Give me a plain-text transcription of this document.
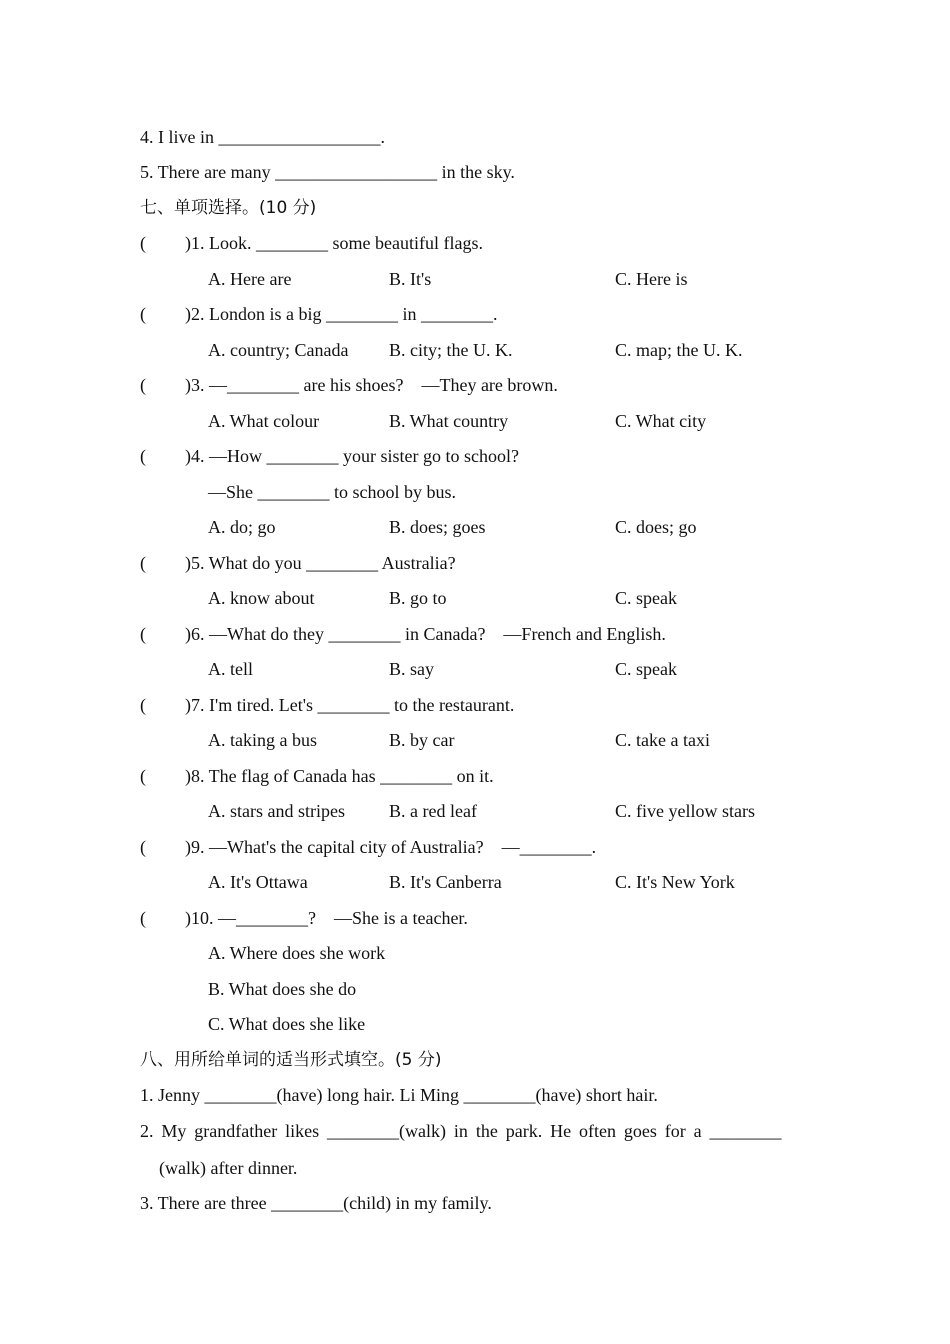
4. I live in __________________.
5. There are many __________________ in the sky.
七、单项选择。(10 分)
( )1. Look. ________ some beautiful flags.
A. Here are	B. It's	C. Here is
( )2. London is a big ________ in ________.
A. country; Canada B. city; the U. K.	C. map; the U. K.
( )3. —________ are his shoes?　—They are brown.
A. What colour	B. What country	C. What city
( )4. —How ________ your sister go to school?
—She ________ to school by bus.
A. do; go	B. does; goes	C. does; go
( )5. What do you ________ Australia?
A. know about	B. go to	C. speak
( )6. —What do they ________ in Canada?　—French and English.
A. tell	B. say	C. speak
( )7. I'm tired. Let's ________ to the restaurant.
A. taking a bus	B. by car	C. take a taxi
( )8. The flag of Canada has ________ on it.
A. stars and stripes B. a red leaf	C. five yellow stars
( )9. —What's the capital city of Australia?　—________.
A. It's Ottawa	B. It's Canberra	C. It's New York
( )10. —________?　—She is a teacher.
A. Where does she work
B. What does she do
C. What does she like
八、用所给单词的适当形式填空。(5 分)
1. Jenny ________(have) long hair. Li Ming ________(have) short hair.
2. My grandfather likes ________(walk) in the park. He often goes for a ________
(walk) after dinner.
3. There are three ________(child) in my family.
